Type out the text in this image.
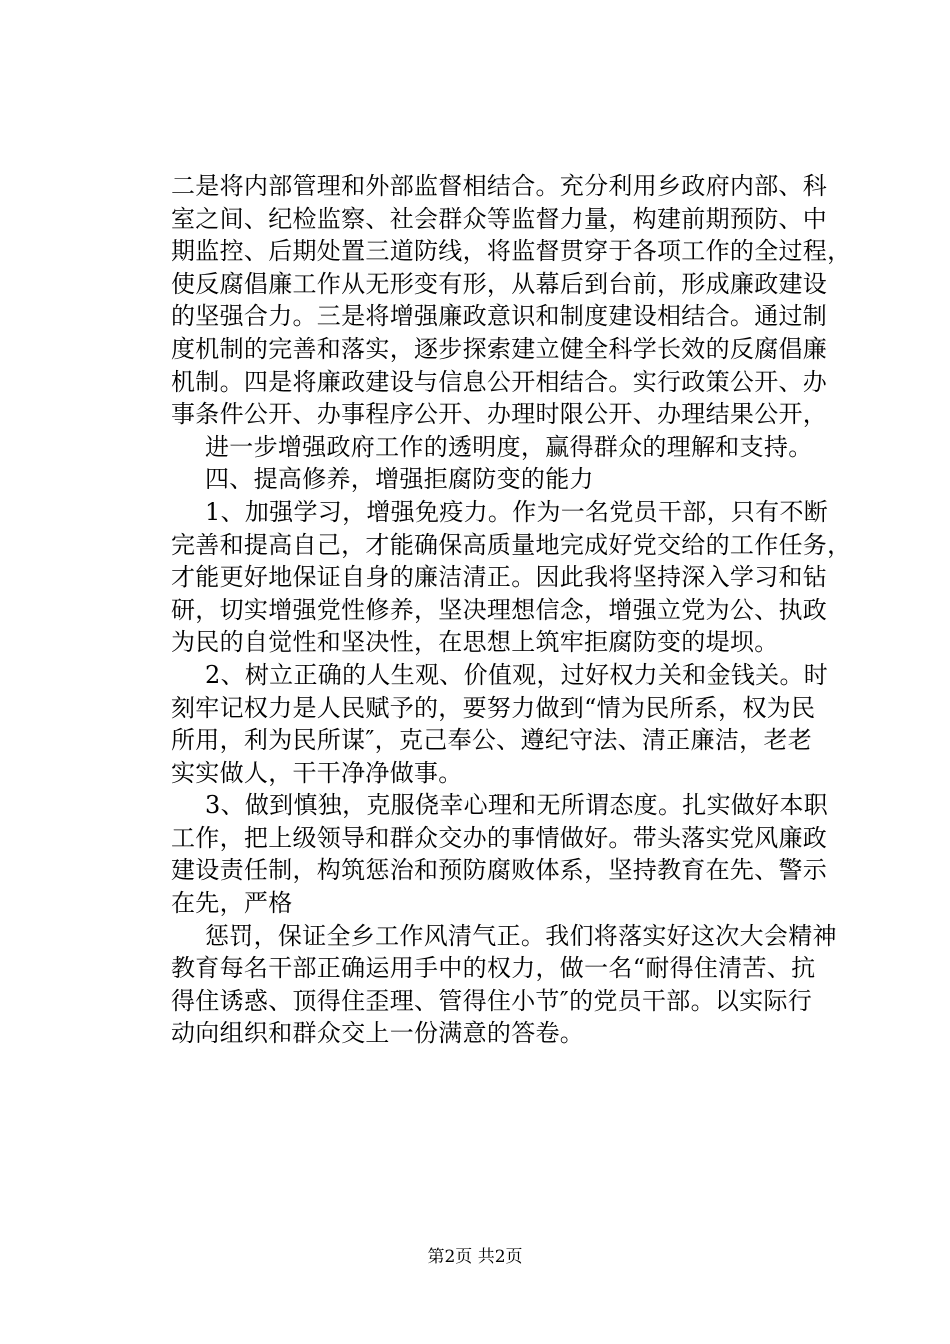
二是将内部管理和外部监督相结合。充分利用乡政府内部、科
室之间、纪检监察、社会群众等监督力量，构建前期预防、中
期监控、后期处置三道防线，将监督贯穿于各项工作的全过程，
使反腐倡廉工作从无形变有形，从幕后到台前，形成廉政建设
的坚强合力。三是将增强廉政意识和制度建设相结合。通过制
度机制的完善和落实，逐步探索建立健全科学长效的反腐倡廉
机制。四是将廉政建设与信息公开相结合。实行政策公开、办
事条件公开、办事程序公开、办理时限公开、办理结果公开，
进一步增强政府工作的透明度，赢得群众的理解和支持。
四、提高修养，增强拒腐防变的能力
1、加强学习，增强免疫力。作为一名党员干部，只有不断
完善和提高自己，才能确保高质量地完成好党交给的工作任务，
才能更好地保证自身的廉洁清正。因此我将坚持深入学习和钻
研，切实增强党性修养，坚决理想信念，增强立党为公、执政
为民的自觉性和坚决性，在思想上筑牢拒腐防变的堤坝。
2、树立正确的人生观、价值观，过好权力关和金钱关。时
刻牢记权力是人民赋予的，要努力做到“情为民所系，权为民
所用，利为民所谋″，克己奉公、遵纪守法、清正廉洁，老老
实实做人，干干净净做事。
3、做到慎独，克服侥幸心理和无所谓态度。扎实做好本职
工作，把上级领导和群众交办的事情做好。带头落实党风廉政
建设责任制，构筑惩治和预防腐败体系，坚持教育在先、警示
在先，严格
惩罚，保证全乡工作风清气正。我们将落实好这次大会精神
教育每名干部正确运用手中的权力，做一名“耐得住清苦、抗
得住诱惑、顶得住歪理、管得住小节″的党员干部。以实际行
动向组织和群众交上一份满意的答卷。
第2页 共2页
